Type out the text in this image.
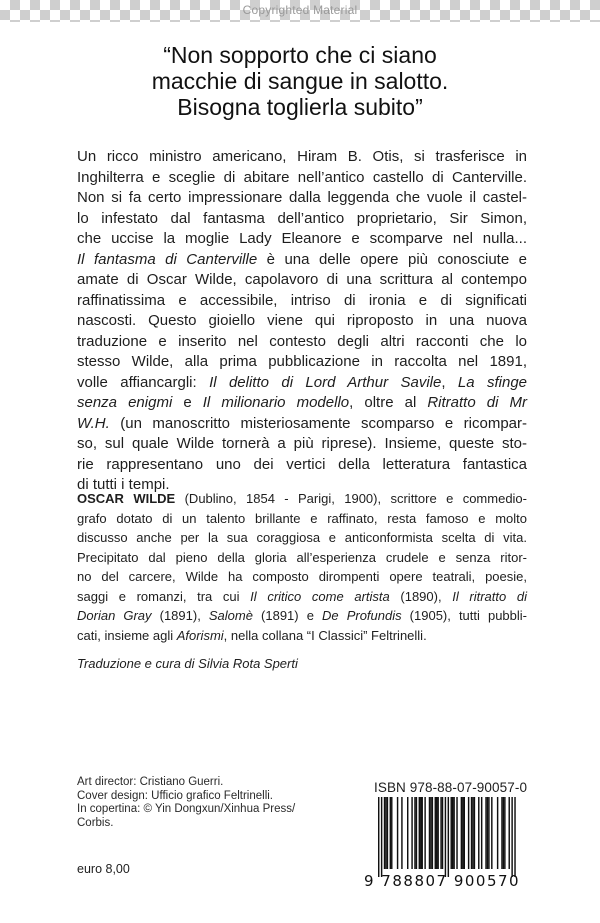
Copyrighted Material
“Non sopporto che ci siano
macchie di sangue in salotto.
Bisogna toglierla subito”
Un ricco ministro americano, Hiram B. Otis, si trasferisce in
Inghilterra e sceglie di abitare nell’antico castello di Canterville.
Non si fa certo impressionare dalla leggenda che vuole il castel-
lo infestato dal fantasma dell’antico proprietario, Sir Simon,
che uccise la moglie Lady Eleanore e scomparve nel nulla...
Il fantasma di Canterville è una delle opere più conosciute e
amate di Oscar Wilde, capolavoro di una scrittura al contempo
raffinatissima e accessibile, intriso di ironia e di significati
nascosti. Questo gioiello viene qui riproposto in una nuova
traduzione e inserito nel contesto degli altri racconti che lo
stesso Wilde, alla prima pubblicazione in raccolta nel 1891,
volle affiancargli: Il delitto di Lord Arthur Savile, La sfinge
senza enigmi e Il milionario modello, oltre al Ritratto di Mr
W.H. (un manoscritto misteriosamente scomparso e ricompar-
so, sul quale Wilde tornerà a più riprese). Insieme, queste sto-
rie rappresentano uno dei vertici della letteratura fantastica
di tutti i tempi.
OSCAR WILDE (Dublino, 1854 - Parigi, 1900), scrittore e commedio-
grafo dotato di un talento brillante e raffinato, resta famoso e molto
discusso anche per la sua coraggiosa e anticonformista scelta di vita.
Precipitato dal pieno della gloria all’esperienza crudele e senza ritor-
no del carcere, Wilde ha composto dirompenti opere teatrali, poesie,
saggi e romanzi, tra cui Il critico come artista (1890), Il ritratto di
Dorian Gray (1891), Salomè (1891) e De Profundis (1905), tutti pubbli-
cati, insieme agli Aforismi, nella collana “I Classici” Feltrinelli.
Traduzione e cura di Silvia Rota Sperti
Art director: Cristiano Guerri.
Cover design: Ufficio grafico Feltrinelli.
In copertina: © Yin Dongxun/Xinhua Press/
Corbis.
euro 8,00
ISBN 978-88-07-90057-0
9 788807 900570
